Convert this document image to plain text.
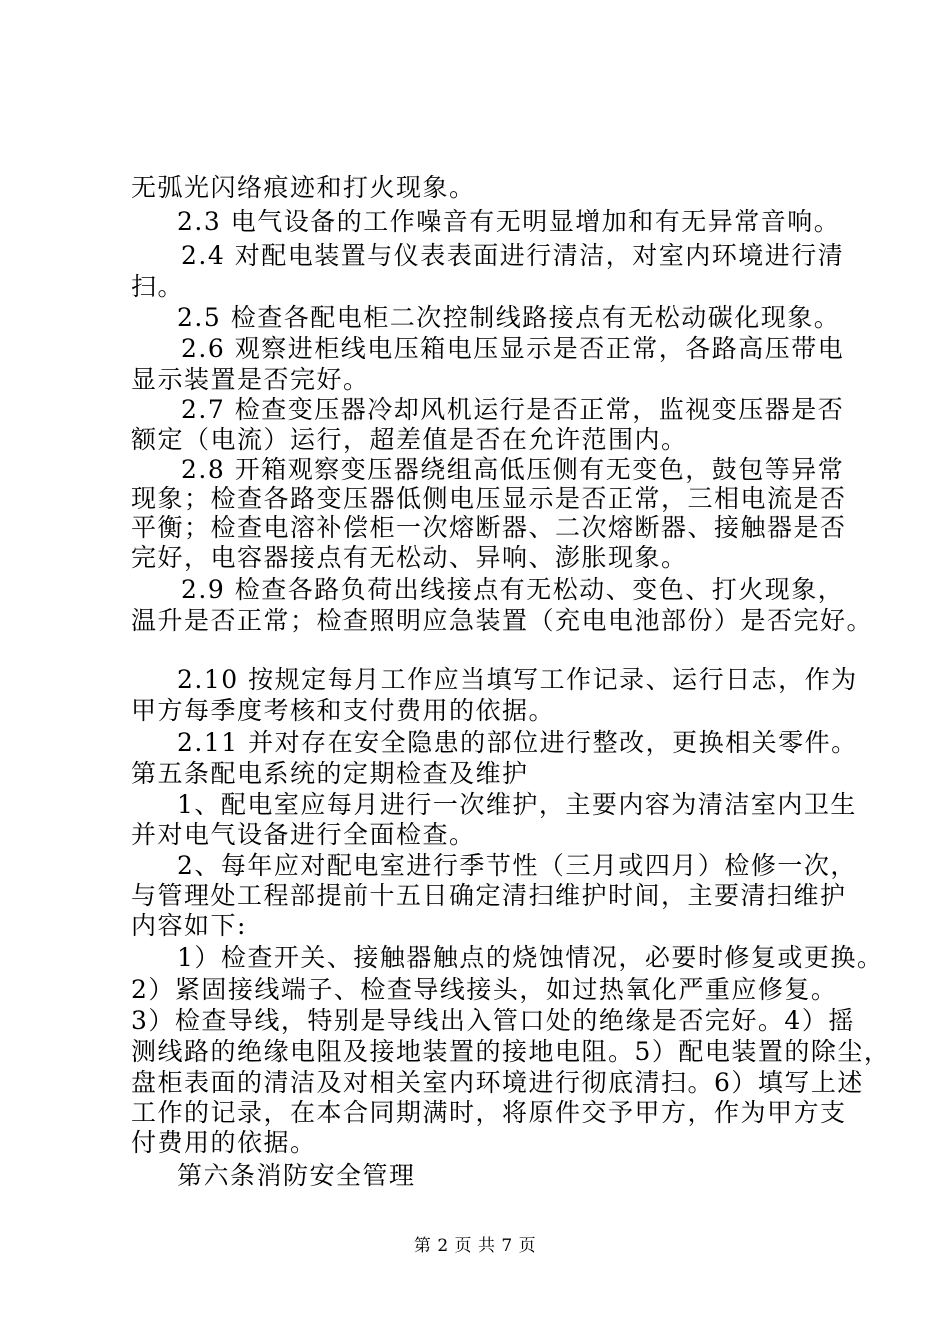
无弧光闪络痕迹和打火现象。
2.3 电气设备的工作噪音有无明显增加和有无异常音响。
2.4 对配电装置与仪表表面进行清洁，对室内环境进行清
扫。
2.5 检查各配电柜二次控制线路接点有无松动碳化现象。
2.6 观察进柜线电压箱电压显示是否正常，各路高压带电
显示装置是否完好。
2.7 检查变压器冷却风机运行是否正常，监视变压器是否
额定（电流）运行，超差值是否在允许范围内。
2.8 开箱观察变压器绕组高低压侧有无变色，鼓包等异常
现象；检查各路变压器低侧电压显示是否正常，三相电流是否
平衡；检查电溶补偿柜一次熔断器、二次熔断器、接触器是否
完好，电容器接点有无松动、异响、澎胀现象。
2.9 检查各路负荷出线接点有无松动、变色、打火现象，
温升是否正常；检查照明应急装置（充电电池部份）是否完好。
2.10 按规定每月工作应当填写工作记录、运行日志，作为
甲方每季度考核和支付费用的依据。
2.11 并对存在安全隐患的部位进行整改，更换相关零件。
第五条配电系统的定期检查及维护
1、配电室应每月进行一次维护，主要内容为清洁室内卫生
并对电气设备进行全面检查。
2、每年应对配电室进行季节性（三月或四月）检修一次，
与管理处工程部提前十五日确定清扫维护时间，主要清扫维护
内容如下:
1）检查开关、接触器触点的烧蚀情况，必要时修复或更换。
2）紧固接线端子、检查导线接头，如过热氧化严重应修复。
3）检查导线，特别是导线出入管口处的绝缘是否完好。4）摇
测线路的绝缘电阻及接地装置的接地电阻。5）配电装置的除尘，
盘柜表面的清洁及对相关室内环境进行彻底清扫。6）填写上述
工作的记录，在本合同期满时，将原件交予甲方，作为甲方支
付费用的依据。
第六条消防安全管理
第 2 页 共 7 页
